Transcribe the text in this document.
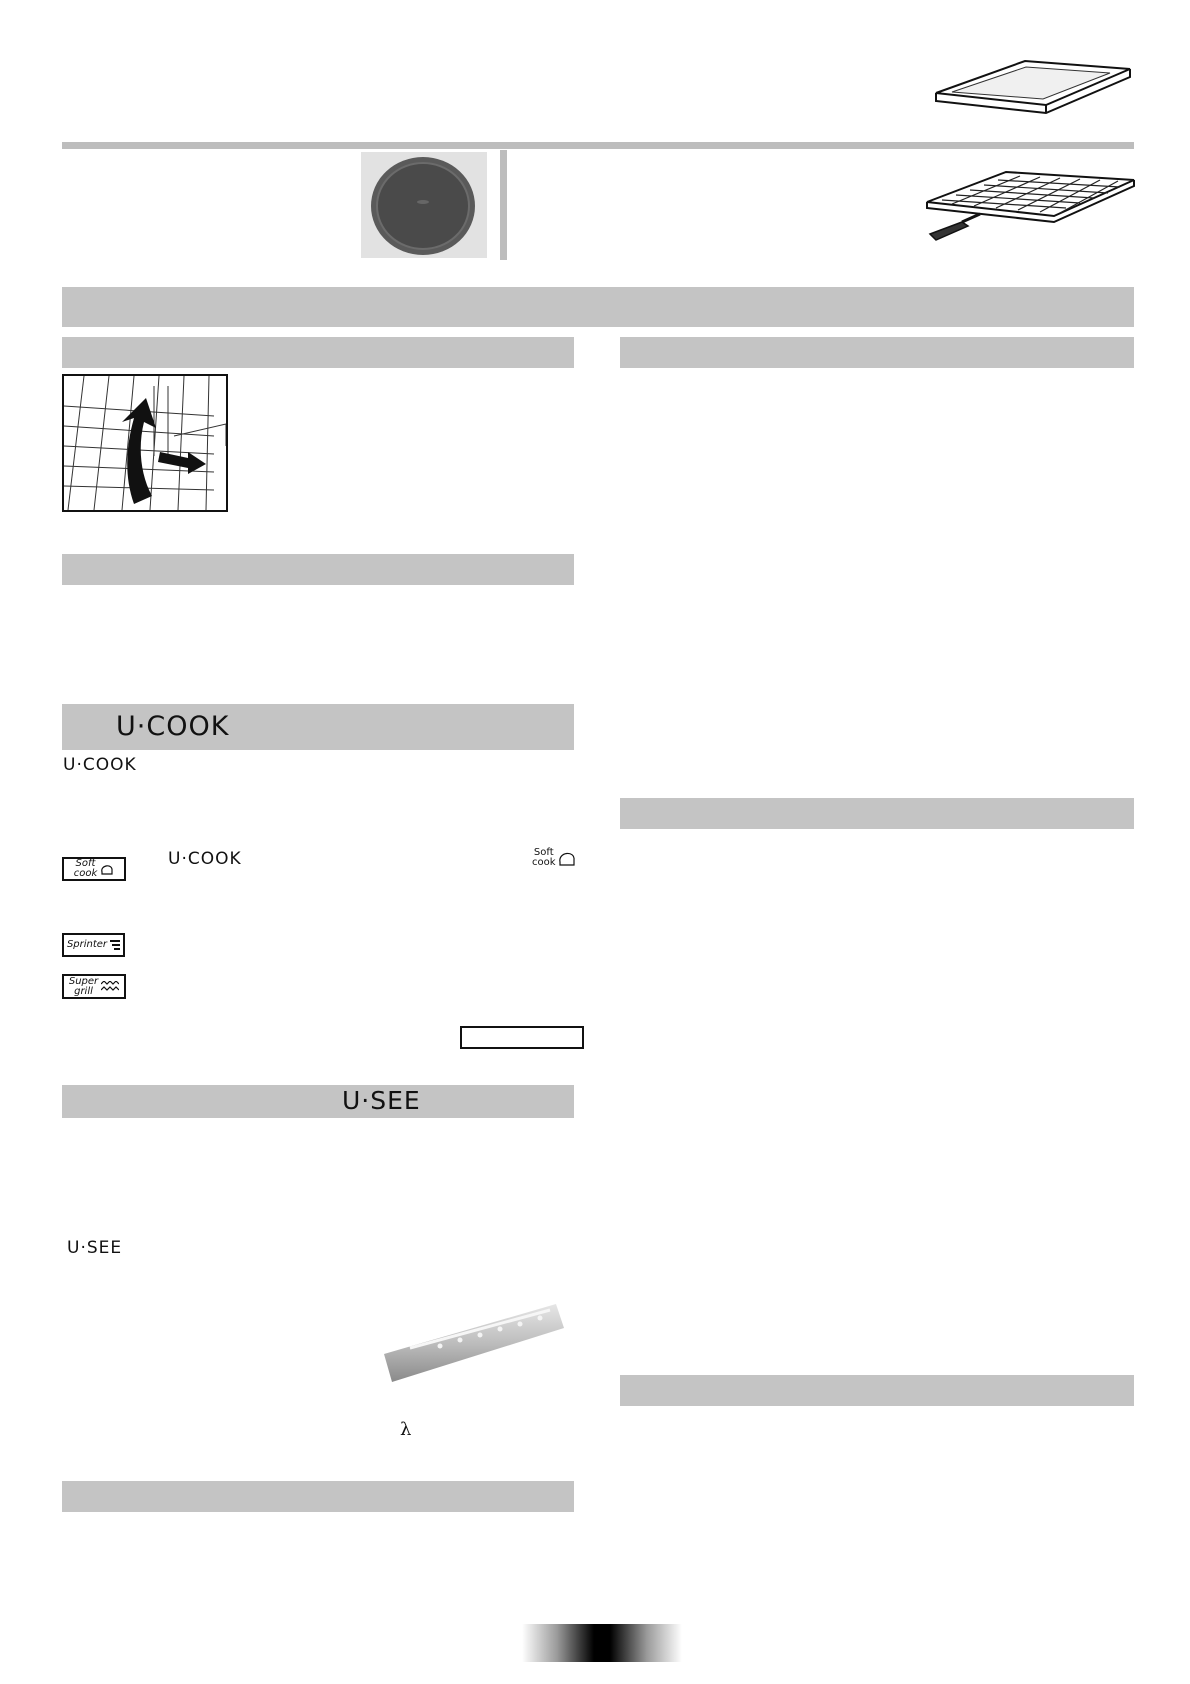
U·COOK
U·COOK
Soft
cook
U·COOK	Soft
cook
Sprinter
Super
grill
U·SEE
U·SEE
λ
